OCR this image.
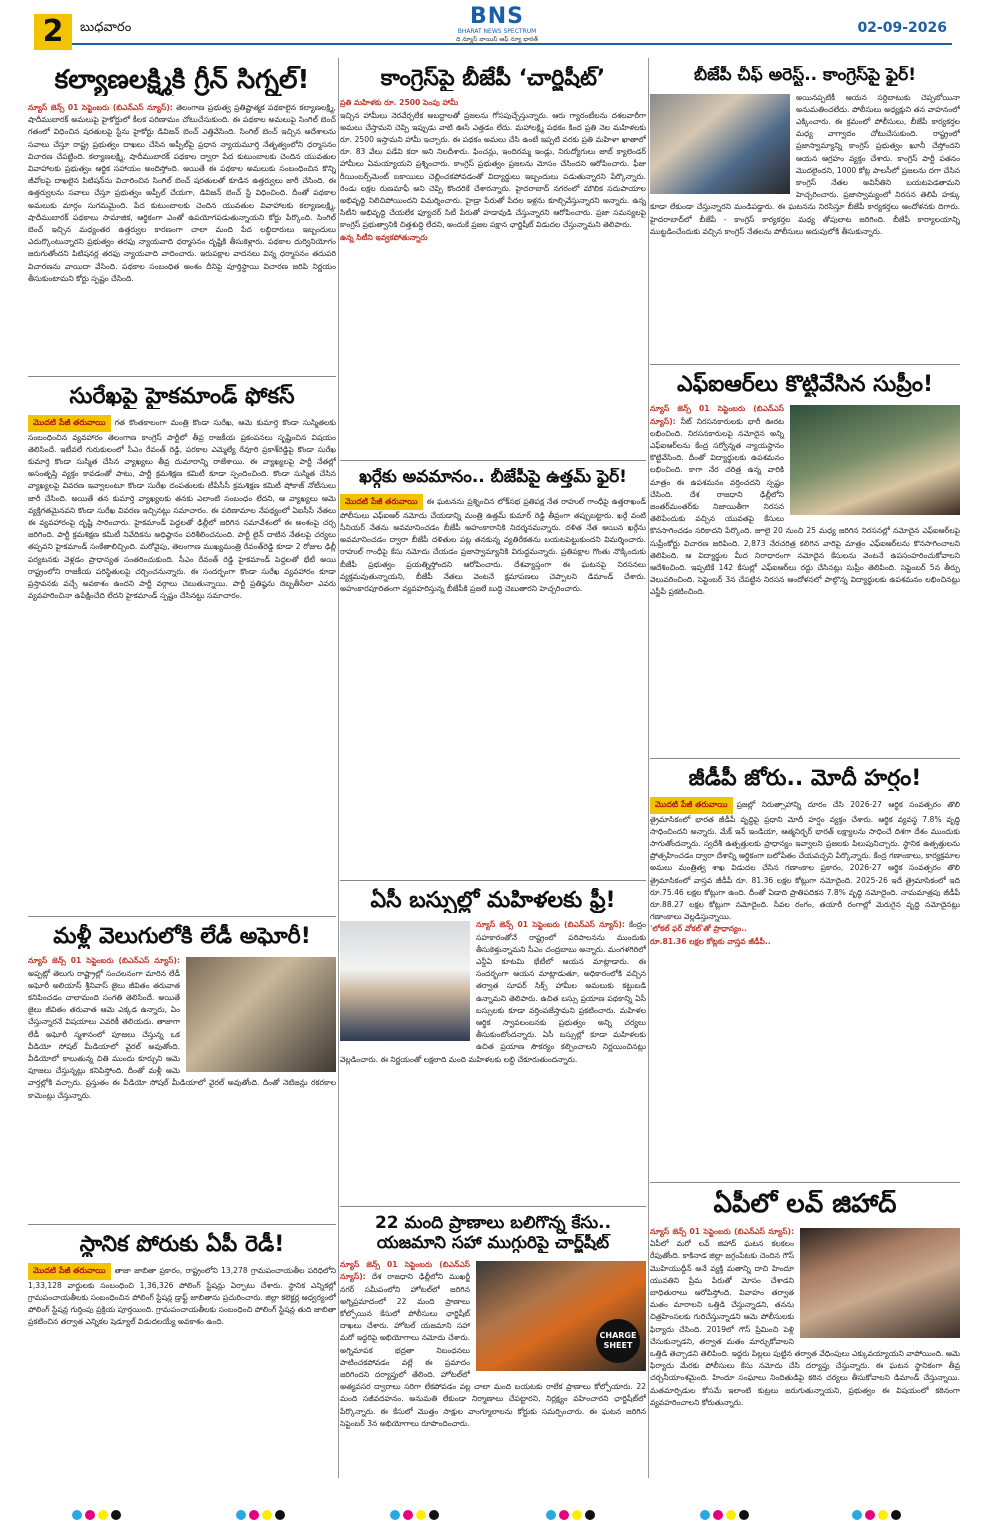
2	బుధవారం	BNS
BHARAT NEWS SPECTRUM
ది న్యూస్ వాయిస్ ఆఫ్ న్యూ భారత్
02-09-2026
కల్యాణలక్ష్మికి గ్రీన్ సిగ్నల్!
న్యూస్ జెన్స్ 01 సెప్టెంబరు (బిఎన్ఎస్ న్యూస్): తెలంగాణ ప్రభుత్వ ప్రతిష్టాత్మక పథకాలైన కల్యాణలక్ష్మి, షాదీముబారక్ అమలుపై హైకోర్టులో కీలక పరిణామం చోటుచేసుకుంది. ఈ పథకాల అమలుపై సింగిల్ బెంచ్ గతంలో విధించిన షరతులపై స్టేను హైకోర్టు డివిజన్ బెంచ్ ఎత్తివేసింది. సింగిల్ బెంచ్ ఇచ్చిన ఆదేశాలను సవాలు చేస్తూ రాష్ట్ర ప్రభుత్వం దాఖలు చేసిన అప్పీల్‌పై ప్రధాన న్యాయమూర్తి నేతృత్వంలోని ధర్మాసనం విచారణ చేపట్టింది. కల్యాణలక్ష్మి, షాదీముబారక్ పథకాల ద్వారా పేద కుటుంబాలకు చెందిన యువతుల వివాహాలకు ప్రభుత్వం ఆర్థిక సహాయం అందిస్తోంది. అయితే ఈ పథకాల అమలుకు సంబంధించిన కొన్ని జీవోలపై దాఖలైన పిటిషన్‌ను విచారించిన సింగిల్ బెంచ్ షరతులతో కూడిన ఉత్తర్వులు జారీ చేసింది. ఈ ఉత్తర్వులను సవాలు చేస్తూ ప్రభుత్వం అప్పీల్ చేయగా, డివిజన్ బెంచ్ స్టే విధించింది. దీంతో పథకాల అమలుకు మార్గం సుగమమైంది. పేద కుటుంబాలకు చెందిన యువతుల వివాహాలకు కల్యాణలక్ష్మి, షాదీముబారక్ పథకాలు సామాజిక, ఆర్థికంగా ఎంతో ఉపయోగపడుతున్నాయని కోర్టు పేర్కొంది. సింగిల్ బెంచ్ ఇచ్చిన మధ్యంతర ఉత్తర్వుల కారణంగా చాలా మంది పేద లబ్ధిదారులు ఇబ్బందులు ఎదుర్కొంటున్నారని ప్రభుత్వం తరఫు న్యాయవాది ధర్మాసనం దృష్టికి తీసుకెళ్లారు. పథకాల దుర్వినియోగం జరుగుతోందని పిటిషనర్ల తరఫు న్యాయవాది వాదించారు. ఇరుపక్షాల వాదనలు విన్న ధర్మాసనం తదుపరి విచారణను వాయిదా వేసింది. పథకాల సంబంధిత అంశం దీనిపై పూర్తిస్థాయి విచారణ జరిపి నిర్ణయం తీసుకుంటామని కోర్టు స్పష్టం చేసింది.
సురేఖపై హైకమాండ్ ఫోకస్
మొదటి పేజీ తరువాయి గత కొంతకాలంగా మంత్రి కొండా సురేఖ, ఆమె కుమార్తె కొండా సుస్మితలకు సంబంధించిన వ్యవహారం తెలంగాణ కాంగ్రెస్ పార్టీలో తీవ్ర రాజకీయ ప్రకంపనలు సృష్టించిన విషయం తెలిసిందే. ఇటీవలే గురుకులంలో సీఎం రేవంత్ రెడ్డి, పరకాల ఎమ్మెల్యే రేవూరి ప్రకాశ్‌రెడ్డిపై కొండా సురేఖ కుమార్తె కొండా సుస్మిత చేసిన వ్యాఖ్యలు తీవ్ర దుమారాన్ని రాజేశాయి. ఈ వ్యాఖ్యలపై పార్టీ నేతల్లో అసంతృప్తి వ్యక్తం కావడంతో పాటు, పార్టీ క్రమశిక్షణ కమిటీ కూడా స్పందించింది. కొండా సుస్మిత చేసిన వ్యాఖ్యలపై వివరణ ఇవ్వాలంటూ కొండా సురేఖ దంపతులకు టీపీసీసీ క్రమశిక్షణ కమిటీ షోకాజ్ నోటీసులు జారీ చేసింది. అయితే తన కుమార్తె వ్యాఖ్యలకు తనకు ఎలాంటి సంబంధం లేదని, ఆ వ్యాఖ్యలు ఆమె వ్యక్తిగతమైనవని కొండా సురేఖ వివరణ ఇచ్చినట్లు సమాచారం. ఈ పరిణామాల నేపథ్యంలో ఏఐసీసీ నేతలు ఈ వ్యవహారంపై దృష్టి సారించారు. హైకమాండ్ పెద్దలతో ఢిల్లీలో జరిగిన సమావేశంలో ఈ అంశంపై చర్చ జరిగింది. పార్టీ క్రమశిక్షణ కమిటీ నివేదికను అధిష్ఠానం పరిశీలించనుంది. పార్టీ లైన్ దాటిన నేతలపై చర్యలు తప్పవని హైకమాండ్ సంకేతాలిచ్చింది. మరోవైపు, తెలంగాణ ముఖ్యమంత్రి రేవంత్‌రెడ్డి కూడా 2 రోజుల ఢిల్లీ పర్యటనకు వెళ్లడం ప్రాధాన్యత సంతరించుకుంది. సీఎం రేవంత్ రెడ్డి హైకమాండ్ పెద్దలతో భేటీ అయి రాష్ట్రంలోని రాజకీయ పరిస్థితులపై చర్చించనున్నారు. ఈ సందర్భంగా కొండా సురేఖ వ్యవహారం కూడా ప్రస్తావనకు వచ్చే అవకాశం ఉందని పార్టీ వర్గాలు చెబుతున్నాయి. పార్టీ ప్రతిష్ఠను దెబ్బతీసేలా ఎవరు వ్యవహరించినా ఉపేక్షించేది లేదని హైకమాండ్ స్పష్టం చేసినట్టు సమాచారం.
మళ్లీ వెలుగులోకి లేడీ అఘోరీ!
న్యూస్ జెన్స్ 01 సెప్టెంబరు (బిఎన్ఎస్ న్యూస్): అప్పట్లో తెలుగు రాష్ట్రాల్లో సంచలనంగా మారిన లేడీ అఘోరీ అలియాస్ శ్రీనివాస్ జైలు జీవితం తరువాత కనిపించడం చాలామంది సంగతి తెలిసిందే. అయితే జైలు జీవితం తరువాత ఆమె ఎక్కడ ఉన్నారు, ఏం చేస్తున్నారనే విషయాలు ఎవరికీ తెలియదు. తాజాగా లేడీ అఘోరీ స్మశానంలో పూజలు చేస్తున్న ఒక వీడియో సోషల్ మీడియాలో వైరల్ అవుతోంది. వీడియోలో కాలుతున్న చితి ముందు కూర్చుని ఆమె పూజలు చేస్తున్నట్లు కనిపిస్తోంది. దీంతో మళ్లీ ఆమె వార్తల్లోకి వచ్చారు. ప్రస్తుతం ఈ వీడియో సోషల్ మీడియాలో వైరల్ అవుతోంది. దీంతో నెటిజన్లు రకరకాల కామెంట్లు చేస్తున్నారు.
స్థానిక పోరుకు ఏపీ రెడీ!
మొదటి పేజీ తరువాయి తాజా జాబితా ప్రకారం, రాష్ట్రంలోని 13,278 గ్రామపంచాయతీల పరిధిలోని 1,33,128 వార్డులకు సంబంధించి 1,36,326 పోలింగ్ స్టేషన్లు ఏర్పాటు చేశారు. స్థానిక ఎన్నికల్లో గ్రామపంచాయతీలకు సంబంధించిన పోలింగ్ స్టేషన్ల డ్రాఫ్ట్ జాబితాను ప్రచురించారు. జిల్లా కలెక్టర్ల ఆధ్వర్యంలో పోలింగ్ స్టేషన్ల గుర్తింపు ప్రక్రియ పూర్తయింది. గ్రామపంచాయతీలకు సంబంధించి పోలింగ్ స్టేషన్ల తుది జాబితా ప్రకటించిన తర్వాత ఎన్నికల షెడ్యూల్ విడుదలయ్యే అవకాశం ఉంది.
కాంగ్రెస్‌పై బీజేపీ ‘చార్జిషీట్’
ప్రతి మహిళకు రూ. 2500 పెంపు హామీ
ఇచ్చిన హామీలు నెరవేర్చలేక అబద్ధాలతో ప్రజలను గోసపుచ్చేస్తున్నారు. ఆరు గ్యారంటీలను దశలవారీగా అమలు చేస్తామని చెప్పి ఇప్పుడు వాటి ఊసే ఎత్తడం లేదు. మహాలక్ష్మి పథకం కింద ప్రతి నెల మహిళలకు రూ. 2500 ఇస్తామని హామీ ఇచ్చారు. ఈ పథకం అమలు చేసి ఉంటే ఇప్పటి వరకు ప్రతి మహిళా ఖాతాలో రూ. 83 వేలు పడేవి కదా అని నిలదీశారు. ఫించన్లు, ఇందిరమ్మ ఇండ్లు, నిరుద్యోగులు జాబ్ క్యాలెండర్ హామీలు ఏమయ్యాయని ప్రశ్నించారు. కాంగ్రెస్ ప్రభుత్వం ప్రజలను మోసం చేసిందని ఆరోపించారు. ఫీజు రీయింబర్స్‌మెంట్ బకాయిలు చెల్లించకపోవడంతో విద్యార్థులు ఇబ్బందులు పడుతున్నారని పేర్కొన్నారు. రెండు లక్షల రుణమాఫీ అని చెప్పి కొందరికే చేశారన్నారు. హైదరాబాద్ నగరంలో మౌలిక సదుపాయాల అభివృద్ధి నిలిచిపోయిందని విమర్శించారు. హైడ్రా పేరుతో పేదల ఇళ్లను కూల్చివేస్తున్నారని అన్నారు. ఉన్న సిటీని అభివృద్ధి చేయలేక ఫ్యూచర్ సిటీ పేరుతో హడావుడి చేస్తున్నారని ఆరోపించారు. ప్రజా సమస్యలపై కాంగ్రెస్ ప్రభుత్వానికి చిత్తశుద్ధి లేదని, అందుకే ప్రజల పక్షాన ఛార్జిషీట్ విడుదల చేస్తున్నామని తెలిపారు.
ఉన్న సిటీని ఇవ్వకపోతున్నారు
ఖర్గేకు అవమానం.. బీజేపీపై ఉత్తమ్ ఫైర్!
మొదటి పేజీ తరువాయి ఈ ఘటనను ప్రశ్నించిన లోక్‌సభ ప్రతిపక్ష నేత రాహుల్ గాంధీపై ఉత్తరాఖండ్ పోలీసులు ఎఫ్ఐఆర్ నమోదు చేయడాన్ని మంత్రి ఉత్తమ్ కుమార్ రెడ్డి తీవ్రంగా తప్పుబట్టారు. ఖర్గే వంటి సీనియర్ నేతను అవమానించడం బీజేపీ అహంకారానికి నిదర్శనమన్నారు. దళిత నేత అయిన ఖర్గేను అవమానించడం ద్వారా బీజేపీ దళితుల పట్ల తనకున్న వ్యతిరేకతను బయటపెట్టుకుందని విమర్శించారు. రాహుల్ గాంధీపై కేసు నమోదు చేయడం ప్రజాస్వామ్యానికి విరుద్ధమన్నారు. ప్రతిపక్షాల గొంతు నొక్కేందుకు బీజేపీ ప్రభుత్వం ప్రయత్నిస్తోందని ఆరోపించారు. దేశవ్యాప్తంగా ఈ ఘటనపై నిరసనలు వ్యక్తమవుతున్నాయని, బీజేపీ నేతలు వెంటనే క్షమాపణలు చెప్పాలని డిమాండ్ చేశారు. అహంకారపూరితంగా వ్యవహరిస్తున్న బీజేపీకి ప్రజలే బుద్ధి చెబుతారని హెచ్చరించారు.
ఏసీ బస్సుల్లో మహిళలకు ఫ్రీ!
న్యూస్ జెన్స్ 01 సెప్టెంబరు (బిఎన్ఎస్ న్యూస్): కేంద్రం సహకారంతోనే రాష్ట్రంలో పరిపాలనను ముందుకు తీసుకెళ్తున్నామని సీఎం చంద్రబాబు అన్నారు. మంగళగిరిలో ఎన్డీఏ కూటమి భేటీలో ఆయన మాట్లాడారు. ఈ సందర్భంగా ఆయన మాట్లాడుతూ, అధికారంలోకి వచ్చిన తర్వాత సూపర్ సిక్స్ హామీల అమలుకు కట్టుబడి ఉన్నామని తెలిపారు. ఉచిత బస్సు ప్రయాణ పథకాన్ని ఏసీ బస్సులకు కూడా వర్తింపజేస్తామని ప్రకటించారు. మహిళల ఆర్థిక స్వావలంబనకు ప్రభుత్వం అన్ని చర్యలు తీసుకుంటోందన్నారు. ఏసీ బస్సుల్లో కూడా మహిళలకు ఉచిత ప్రయాణ సౌకర్యం కల్పించాలని నిర్ణయించినట్లు వెల్లడించారు. ఈ నిర్ణయంతో లక్షలాది మంది మహిళలకు లబ్ధి చేకూరుతుందన్నారు.
22 మంది ప్రాణాలు బలిగొన్న కేసు..
యజమాని సహా ముగ్గురిపై చార్జ్‌షీట్
CHARGE SHEET
న్యూస్ జెన్స్ 01 సెప్టెంబరు (బిఎన్ఎస్ న్యూస్): దేశ రాజధాని ఢిల్లీలోని ముఖర్జీ నగర్ సమీపంలోని హోటల్‌లో జరిగిన అగ్నిప్రమాదంలో 22 మంది ప్రాణాలు కోల్పోయిన కేసులో పోలీసులు ఛార్జిషీట్ దాఖలు చేశారు. హోటల్ యజమాని సహా మరో ఇద్దరిపై అభియోగాలు నమోదు చేశారు. అగ్నిమాపక భద్రతా నిబంధనలు పాటించకపోవడం వల్లే ఈ ప్రమాదం జరిగిందని దర్యాప్తులో తేలింది. హోటల్‌లో అత్యవసర ద్వారాలు సరిగా లేకపోవడం వల్ల చాలా మంది బయటకు రాలేక ప్రాణాలు కోల్పోయారు. 22 మంది సజీవదహనం. అనుమతి లేకుండా నిర్మాణాలు చేపట్టారని, నిర్లక్ష్యం వహించారని ఛార్జిషీట్‌లో పేర్కొన్నారు. ఈ కేసులో మొత్తం సాక్షుల వాంగ్మూలాలను కోర్టుకు సమర్పించారు. ఈ ఘటన జరిగిన సెప్టెంబర్ 3న అభియోగాలు రూపొందించారు.
బీజేపీ చీఫ్ అరెస్ట్.. కాంగ్రెస్‌పై ఫైర్!
అయినప్పటికీ ఆయన సర్దిబాటుకు చెప్పబోయినా అనుమతించలేదు. పోలీసులు అధ్యక్షుని తన వాహనంలో ఎక్కించారు. ఈ క్రమంలో పోలీసులు, బీజేపీ కార్యకర్తల మధ్య వాగ్వాదం చోటుచేసుకుంది. రాష్ట్రంలో ప్రజాస్వామ్యాన్ని కాంగ్రెస్ ప్రభుత్వం ఖూనీ చేస్తోందని ఆయన ఆగ్రహం వ్యక్తం చేశారు. కాంగ్రెస్ పార్టీ పతనం మొదలైందని, 1000 కోట్ల పాలసీలో ప్రజలను దగా చేసిన కాంగ్రెస్ నేతల అవినీతిని బయటపెడతామని హెచ్చరించారు. ప్రజాస్వామ్యంలో నిరసన తెలిపే హక్కు కూడా లేకుండా చేస్తున్నారని మండిపడ్డారు. ఈ ఘటనను నిరసిస్తూ బీజేపీ కార్యకర్తలు ఆందోళనకు దిగారు. హైదరాబాద్‌లో బీజేపీ - కాంగ్రెస్ కార్యకర్తల మధ్య తోపులాట జరిగింది. బీజేపీ కార్యాలయాన్ని ముట్టడించేందుకు వచ్చిన కాంగ్రెస్ నేతలను పోలీసులు అదుపులోకి తీసుకున్నారు.
ఎఫ్ఐఆర్‌లు కొట్టివేసిన సుప్రీం!
న్యూస్ జెన్స్ 01 సెప్టెంబరు (బిఎన్ఎస్ న్యూస్): నీట్ నిరసనకారులకు భారీ ఊరట లభించింది. నిరసనకారులపై నమోదైన అన్ని ఎఫ్‌ఐఆర్‌లను కేంద్ర సర్వోన్నత న్యాయస్థానం కొట్టివేసింది. దీంతో విద్యార్థులకు ఉపశమనం లభించింది. కాగా నేర చరిత్ర ఉన్న వారికి మాత్రం ఈ ఉపశమనం వర్తించదని స్పష్టం చేసింది. దేశ రాజధాని ఢిల్లీలోని జంతర్‌మంతర్‌కు నిజాయితీగా నిరసన తెలిపేందుకు వచ్చిన యువతపై కేసులు కొనసాగించడం సరికాదని పేర్కొంది. జూలై 20 నుంచి 25 మధ్య జరిగిన నిరసనల్లో నమోదైన ఎఫ్ఐఆర్‌లపై సుప్రీంకోర్టు విచారణ జరిపింది. 2,873 నేరచరిత్ర కలిగిన వారిపై మాత్రం ఎఫ్ఐఆర్‌లను కొనసాగించాలని తెలిపింది. ఆ విద్యార్థుల మీద నిరాధారంగా నమోదైన కేసులను వెంటనే ఉపసంహరించుకోవాలని ఆదేశించింది. ఇప్పటికే 142 కేసుల్లో ఎఫ్ఐఆర్‌లు రద్దు చేసినట్లు సుప్రీం తెలిపింది. సెప్టెంబర్ 5న తీర్పు వెలువరించింది. సెప్టెంబర్ 3న చేపట్టిన నిరసన ఆందోళనలో పాల్గొన్న విద్యార్థులకు ఉపశమనం లభించినట్లు ఎస్జీపీ ప్రకటించింది.
జీడీపీ జోరు.. మోదీ హర్షం!
మొదటి పేజీ తరువాయి ప్రజల్లో నిరుత్సాహాన్ని దూరం చేసి 2026-27 ఆర్థిక సంవత్సరం తొలి త్రైమాసికంలో భారత జీడీపీ వృద్ధిపై ప్రధాని మోదీ హర్షం వ్యక్తం చేశారు. ఆర్థిక వ్యవస్థ 7.8% వృద్ధి సాధించిందని అన్నారు. మేక్ ఇన్ ఇండియా, ఆత్మనిర్భర్ భారత్ లక్ష్యాలను సాధించే దిశగా దేశం ముందుకు సాగుతోందన్నారు. స్వదేశీ ఉత్పత్తులకు ప్రాధాన్యం ఇవ్వాలని ప్రజలకు పిలుపునిచ్చారు. స్థానిక ఉత్పత్తులను ప్రోత్సహించడం ద్వారా దేశాన్ని ఆర్థికంగా బలోపేతం చేయవచ్చని పేర్కొన్నారు. కేంద్ర గణాంకాలు, కార్యక్రమాల అమలు మంత్రిత్వ శాఖ విడుదల చేసిన గణాంకాల ప్రకారం, 2026-27 ఆర్థిక సంవత్సరం తొలి త్రైమాసికంలో వాస్తవ జీడీపీ రూ. 81.36 లక్షల కోట్లుగా నమోదైంది. 2025-26 ఇదే త్రైమాసికంలో ఇది రూ.75.46 లక్షల కోట్లుగా ఉంది. దీంతో ఏడాది ప్రాతిపదికన 7.8% వృద్ధి నమోదైంది. నామమాత్రపు జీడీపీ రూ.88.27 లక్షల కోట్లుగా నమోదైంది. సేవల రంగం, తయారీ రంగాల్లో మెరుగైన వృద్ధి నమోదైనట్లు గణాంకాలు వెల్లడిస్తున్నాయి.
'లోకల్ ఫర్ వోకల్'తో ప్రాధాన్యం..
రూ.81.36 లక్షల కోట్లకు వాస్తవ జీడీపీ..
ఏపీలో లవ్ జిహాద్
న్యూస్ జెన్స్ 01 సెప్టెంబరు (బిఎన్ఎస్ న్యూస్): ఏపీలో మరో లవ్ జిహాద్ ఘటన కలకలం రేపుతోంది. కాకినాడ జిల్లా జగ్గంపేటకు చెందిన గౌస్ మొహియుద్దీన్ అనే వ్యక్తి మతాన్ని దాచి హిందూ యువతిని ప్రేమ పేరుతో మోసం చేశాడని బాధితురాలు ఆరోపిస్తోంది. వివాహం తర్వాత మతం మారాలని ఒత్తిడి చేస్తున్నాడని, తనను చిత్రహింసలకు గురిచేస్తున్నాడని ఆమె పోలీసులకు ఫిర్యాదు చేసింది. 2019లో గౌస్ ప్రేమించి పెళ్లి చేసుకున్నాడని, తర్వాత మతం మార్చుకోవాలని ఒత్తిడి తెచ్చాడని తెలిపింది. ఇద్దరు పిల్లలు పుట్టిన తర్వాత వేధింపులు ఎక్కువయ్యాయని వాపోయింది. ఆమె ఫిర్యాదు మేరకు పోలీసులు కేసు నమోదు చేసి దర్యాప్తు చేస్తున్నారు. ఈ ఘటన స్థానికంగా తీవ్ర చర్చనీయాంశమైంది. హిందూ సంఘాలు నిందితుడిపై కఠిన చర్యలు తీసుకోవాలని డిమాండ్ చేస్తున్నాయి. మతమార్పిడుల కోసమే ఇలాంటి కుట్రలు జరుగుతున్నాయని, ప్రభుత్వం ఈ విషయంలో కఠినంగా వ్యవహరించాలని కోరుతున్నారు.
